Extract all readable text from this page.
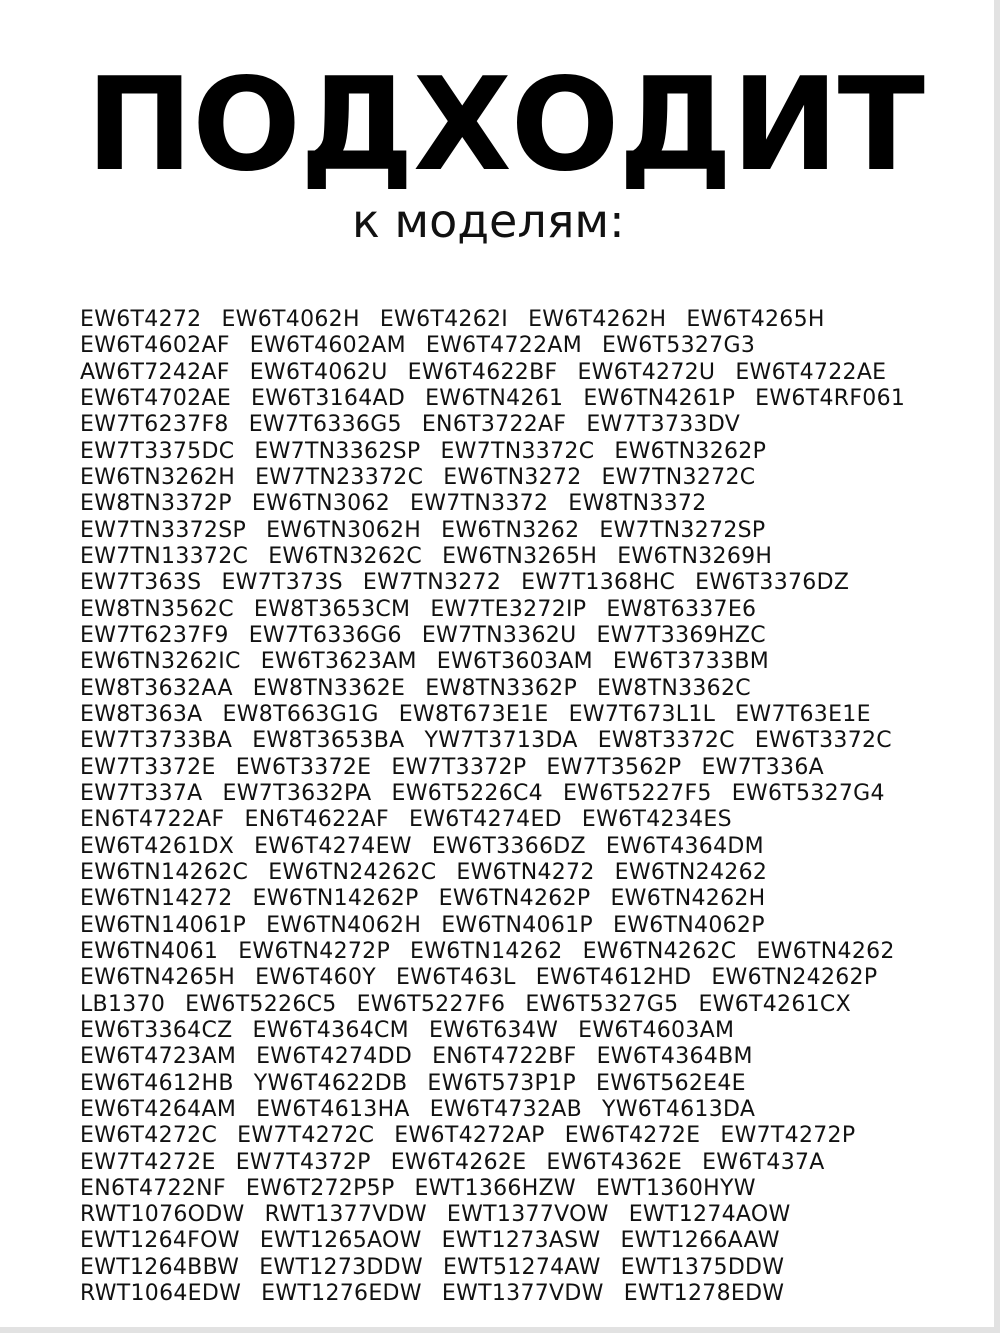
ПОДХОДИТ
к моделям:
EW6T4272 EW6T4062H EW6T4262I EW6T4262H EW6T4265H
EW6T4602AF EW6T4602AM EW6T4722AM EW6T5327G3
AW6T7242AF EW6T4062U EW6T4622BF EW6T4272U EW6T4722AE
EW6T4702AE EW6T3164AD EW6TN4261 EW6TN4261P EW6T4RF061
EW7T6237F8 EW7T6336G5 EN6T3722AF EW7T3733DV
EW7T3375DC EW7TN3362SP EW7TN3372C EW6TN3262P
EW6TN3262H EW7TN23372C EW6TN3272 EW7TN3272C
EW8TN3372P EW6TN3062 EW7TN3372 EW8TN3372
EW7TN3372SP EW6TN3062H EW6TN3262 EW7TN3272SP
EW7TN13372C EW6TN3262C EW6TN3265H EW6TN3269H
EW7T363S EW7T373S EW7TN3272 EW7T1368HC EW6T3376DZ
EW8TN3562C EW8T3653CM EW7TE3272IP EW8T6337E6
EW7T6237F9 EW7T6336G6 EW7TN3362U EW7T3369HZC
EW6TN3262IC EW6T3623AM EW6T3603AM EW6T3733BM
EW8T3632AA EW8TN3362E EW8TN3362P EW8TN3362C
EW8T363A EW8T663G1G EW8T673E1E EW7T673L1L EW7T63E1E
EW7T3733BA EW8T3653BA YW7T3713DA EW8T3372C EW6T3372C
EW7T3372E EW6T3372E EW7T3372P EW7T3562P EW7T336A
EW7T337A EW7T3632PA EW6T5226C4 EW6T5227F5 EW6T5327G4
EN6T4722AF EN6T4622AF EW6T4274ED EW6T4234ES
EW6T4261DX EW6T4274EW EW6T3366DZ EW6T4364DM
EW6TN14262C EW6TN24262C EW6TN4272 EW6TN24262
EW6TN14272 EW6TN14262P EW6TN4262P EW6TN4262H
EW6TN14061P EW6TN4062H EW6TN4061P EW6TN4062P
EW6TN4061 EW6TN4272P EW6TN14262 EW6TN4262C EW6TN4262
EW6TN4265H EW6T460Y EW6T463L EW6T4612HD EW6TN24262P
LB1370 EW6T5226C5 EW6T5227F6 EW6T5327G5 EW6T4261CX
EW6T3364CZ EW6T4364CM EW6T634W EW6T4603AM
EW6T4723AM EW6T4274DD EN6T4722BF EW6T4364BM
EW6T4612HB YW6T4622DB EW6T573P1P EW6T562E4E
EW6T4264AM EW6T4613HA EW6T4732AB YW6T4613DA
EW6T4272C EW7T4272C EW6T4272AP EW6T4272E EW7T4272P
EW7T4272E EW7T4372P EW6T4262E EW6T4362E EW6T437A
EN6T4722NF EW6T272P5P EWT1366HZW EWT1360HYW
RWT1076ODW RWT1377VDW EWT1377VOW EWT1274AOW
EWT1264FOW EWT1265AOW EWT1273ASW EWT1266AAW
EWT1264BBW EWT1273DDW EWT51274AW EWT1375DDW
RWT1064EDW EWT1276EDW EWT1377VDW EWT1278EDW
